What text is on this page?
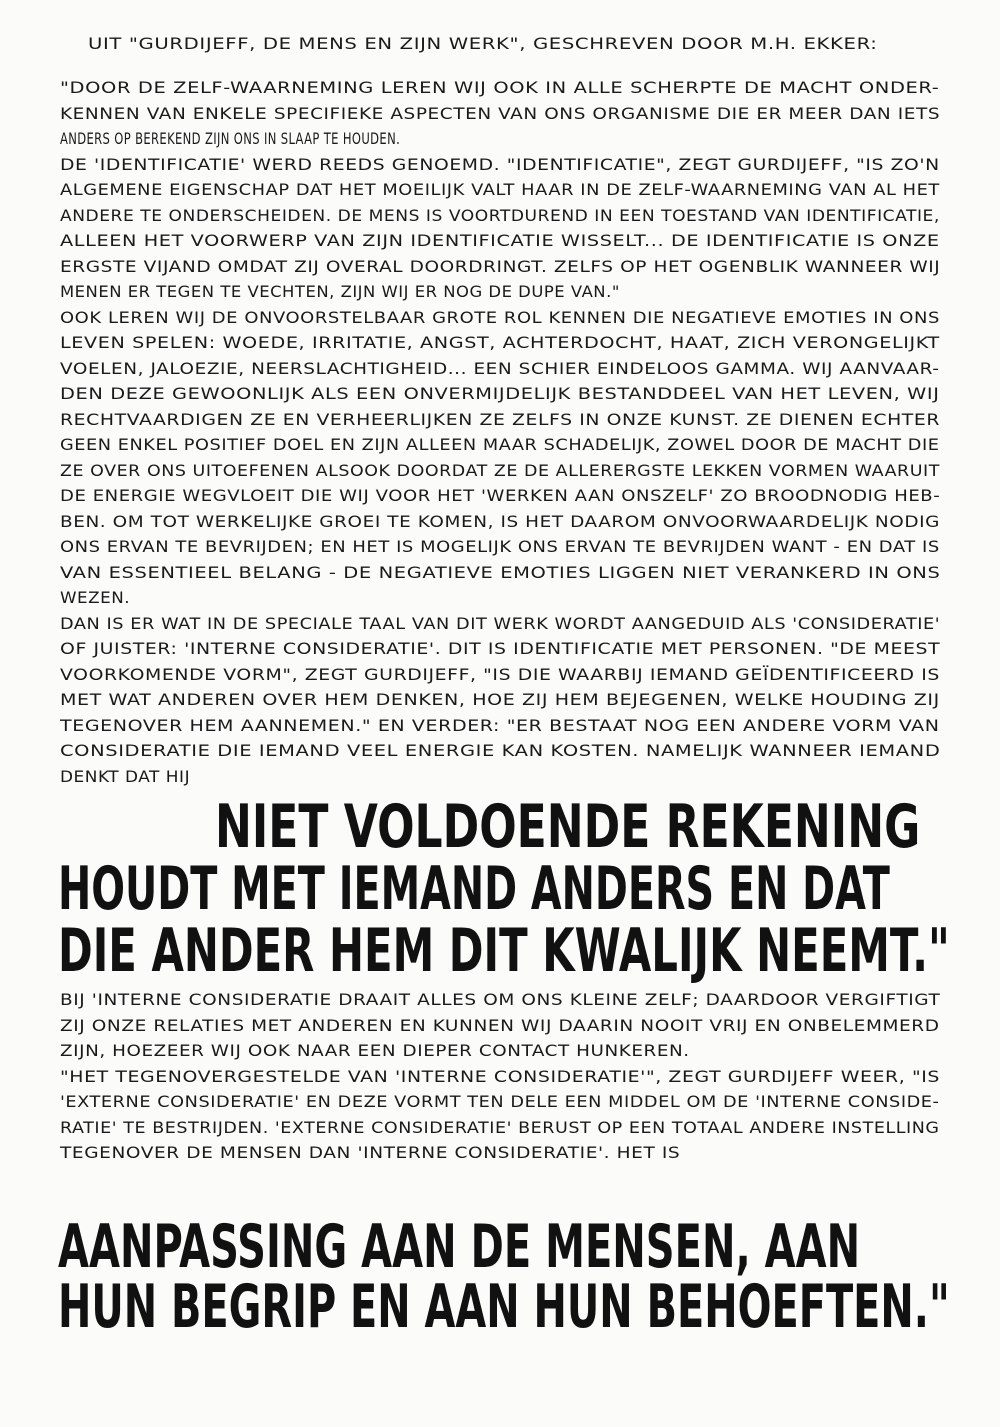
UIT "GURDIJEFF, DE MENS EN ZIJN WERK", GESCHREVEN DOOR M.H. EKKER:
"DOOR DE ZELF-WAARNEMING LEREN WIJ OOK IN ALLE SCHERPTE DE MACHT ONDER-
KENNEN VAN ENKELE SPECIFIEKE ASPECTEN VAN ONS ORGANISME DIE ER MEER DAN IETS
ANDERS OP BEREKEND ZIJN ONS IN SLAAP TE HOUDEN.
DE 'IDENTIFICATIE' WERD REEDS GENOEMD. "IDENTIFICATIE", ZEGT GURDIJEFF, "IS ZO'N
ALGEMENE EIGENSCHAP DAT HET MOEILIJK VALT HAAR IN DE ZELF-WAARNEMING VAN AL HET
ANDERE TE ONDERSCHEIDEN. DE MENS IS VOORTDUREND IN EEN TOESTAND VAN IDENTIFICATIE,
ALLEEN HET VOORWERP VAN ZIJN IDENTIFICATIE WISSELT... DE IDENTIFICATIE IS ONZE
ERGSTE VIJAND OMDAT ZIJ OVERAL DOORDRINGT. ZELFS OP HET OGENBLIK WANNEER WIJ
MENEN ER TEGEN TE VECHTEN, ZIJN WIJ ER NOG DE DUPE VAN."
OOK LEREN WIJ DE ONVOORSTELBAAR GROTE ROL KENNEN DIE NEGATIEVE EMOTIES IN ONS
LEVEN SPELEN: WOEDE, IRRITATIE, ANGST, ACHTERDOCHT, HAAT, ZICH VERONGELIJKT
VOELEN, JALOEZIE, NEERSLACHTIGHEID... EEN SCHIER EINDELOOS GAMMA. WIJ AANVAAR-
DEN DEZE GEWOONLIJK ALS EEN ONVERMIJDELIJK BESTANDDEEL VAN HET LEVEN, WIJ
RECHTVAARDIGEN ZE EN VERHEERLIJKEN ZE ZELFS IN ONZE KUNST. ZE DIENEN ECHTER
GEEN ENKEL POSITIEF DOEL EN ZIJN ALLEEN MAAR SCHADELIJK, ZOWEL DOOR DE MACHT DIE
ZE OVER ONS UITOEFENEN ALSOOK DOORDAT ZE DE ALLERERGSTE LEKKEN VORMEN WAARUIT
DE ENERGIE WEGVLOEIT DIE WIJ VOOR HET 'WERKEN AAN ONSZELF' ZO BROODNODIG HEB-
BEN. OM TOT WERKELIJKE GROEI TE KOMEN, IS HET DAAROM ONVOORWAARDELIJK NODIG
ONS ERVAN TE BEVRIJDEN; EN HET IS MOGELIJK ONS ERVAN TE BEVRIJDEN WANT - EN DAT IS
VAN ESSENTIEEL BELANG - DE NEGATIEVE EMOTIES LIGGEN NIET VERANKERD IN ONS
WEZEN.
DAN IS ER WAT IN DE SPECIALE TAAL VAN DIT WERK WORDT AANGEDUID ALS 'CONSIDERATIE'
OF JUISTER: 'INTERNE CONSIDERATIE'. DIT IS IDENTIFICATIE MET PERSONEN. "DE MEEST
VOORKOMENDE VORM", ZEGT GURDIJEFF, "IS DIE WAARBIJ IEMAND GEÏDENTIFICEERD IS
MET WAT ANDEREN OVER HEM DENKEN, HOE ZIJ HEM BEJEGENEN, WELKE HOUDING ZIJ
TEGENOVER HEM AANNEMEN." EN VERDER: "ER BESTAAT NOG EEN ANDERE VORM VAN
CONSIDERATIE DIE IEMAND VEEL ENERGIE KAN KOSTEN. NAMELIJK WANNEER IEMAND
DENKT DAT HIJ
NIET VOLDOENDE REKENING
HOUDT MET IEMAND ANDERS EN DAT
DIE ANDER HEM DIT KWALIJK NEEMT."
BIJ 'INTERNE CONSIDERATIE DRAAIT ALLES OM ONS KLEINE ZELF; DAARDOOR VERGIFTIGT
ZIJ ONZE RELATIES MET ANDEREN EN KUNNEN WIJ DAARIN NOOIT VRIJ EN ONBELEMMERD
ZIJN, HOEZEER WIJ OOK NAAR EEN DIEPER CONTACT HUNKEREN.
"HET TEGENOVERGESTELDE VAN 'INTERNE CONSIDERATIE'", ZEGT GURDIJEFF WEER, "IS
'EXTERNE CONSIDERATIE' EN DEZE VORMT TEN DELE EEN MIDDEL OM DE 'INTERNE CONSIDE-
RATIE' TE BESTRIJDEN. 'EXTERNE CONSIDERATIE' BERUST OP EEN TOTAAL ANDERE INSTELLING
TEGENOVER DE MENSEN DAN 'INTERNE CONSIDERATIE'. HET IS
AANPASSING AAN DE MENSEN, AAN
HUN BEGRIP EN AAN HUN BEHOEFTEN."
